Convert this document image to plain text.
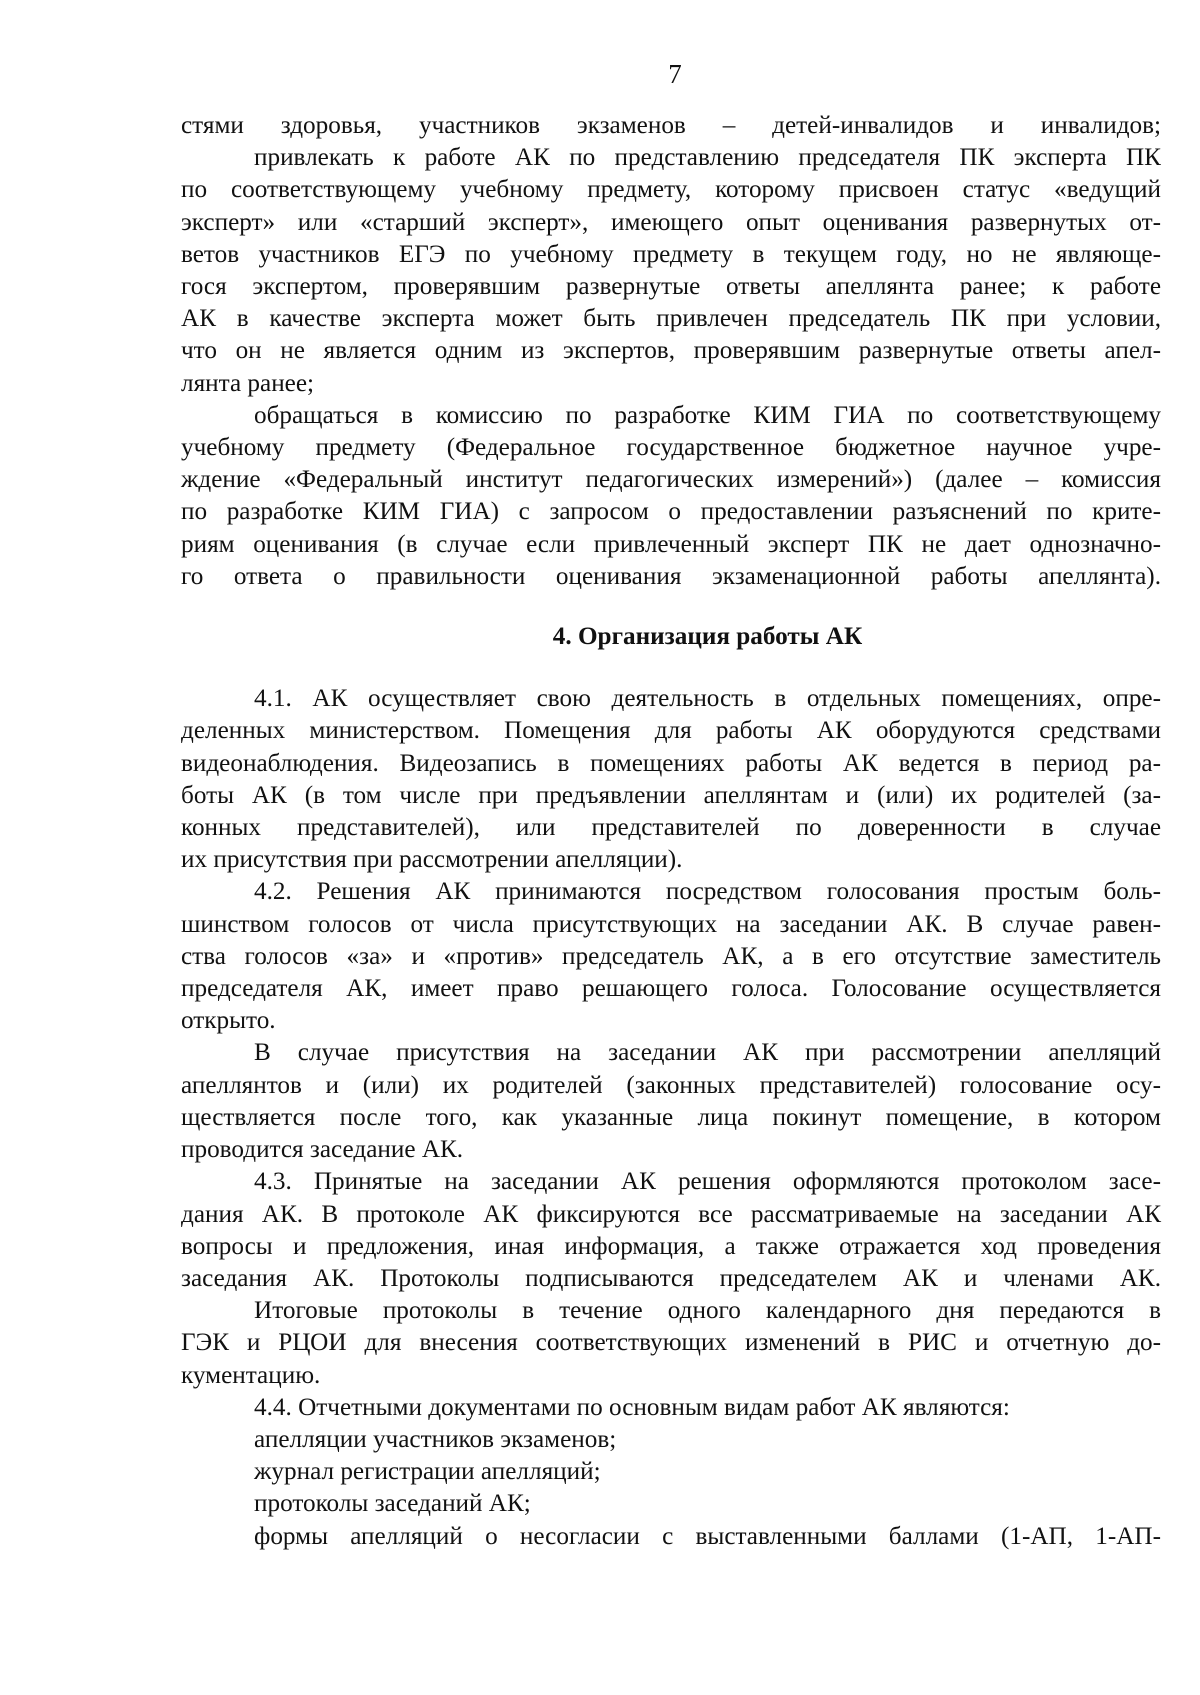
7

стями здоровья, участников экзаменов – детей-инвалидов и инвалидов;

привлекать к работе АК по представлению председателя ПК эксперта ПК

по соответствующему учебному предмету, которому присвоен статус «ведущий

эксперт» или «старший эксперт», имеющего опыт оценивания развернутых от-

ветов участников ЕГЭ по учебному предмету в текущем году, но не являюще-

гося экспертом, проверявшим развернутые ответы апеллянта ранее; к работе

АК в качестве эксперта может быть привлечен председатель ПК при условии,

что он не является одним из экспертов, проверявшим развернутые ответы апел-

лянта ранее;

обращаться в комиссию по разработке КИМ ГИА по соответствующему

учебному предмету (Федеральное государственное бюджетное научное учре-

ждение «Федеральный институт педагогических измерений») (далее – комиссия

по разработке КИМ ГИА) с запросом о предоставлении разъяснений по крите-

риям оценивания (в случае если привлеченный эксперт ПК не дает однозначно-

го ответа о правильности оценивания экзаменационной работы апеллянта).

4. Организация работы АК

4.1. АК осуществляет свою деятельность в отдельных помещениях, опре-

деленных министерством. Помещения для работы АК оборудуются средствами

видеонаблюдения. Видеозапись в помещениях работы АК ведется в период ра-

боты АК (в том числе при предъявлении апеллянтам и (или) их родителей (за-

конных представителей), или представителей по доверенности в случае

их присутствия при рассмотрении апелляции).

4.2. Решения АК принимаются посредством голосования простым боль-

шинством голосов от числа присутствующих на заседании АК. В случае равен-

ства голосов «за» и «против» председатель АК, а в его отсутствие заместитель

председателя АК, имеет право решающего голоса. Голосование осуществляется

открыто.

В случае присутствия на заседании АК при рассмотрении апелляций

апеллянтов и (или) их родителей (законных представителей) голосование осу-

ществляется после того, как указанные лица покинут помещение, в котором

проводится заседание АК.

4.3. Принятые на заседании АК решения оформляются протоколом засе-

дания АК. В протоколе АК фиксируются все рассматриваемые на заседании АК

вопросы и предложения, иная информация, а также отражается ход проведения

заседания АК. Протоколы подписываются председателем АК и членами АК.

Итоговые протоколы в течение одного календарного дня передаются в

ГЭК и РЦОИ для внесения соответствующих изменений в РИС и отчетную до-

кументацию.

4.4. Отчетными документами по основным видам работ АК являются:

апелляции участников экзаменов;

журнал регистрации апелляций;

протоколы заседаний АК;

формы апелляций о несогласии с выставленными баллами (1-АП, 1-АП-
